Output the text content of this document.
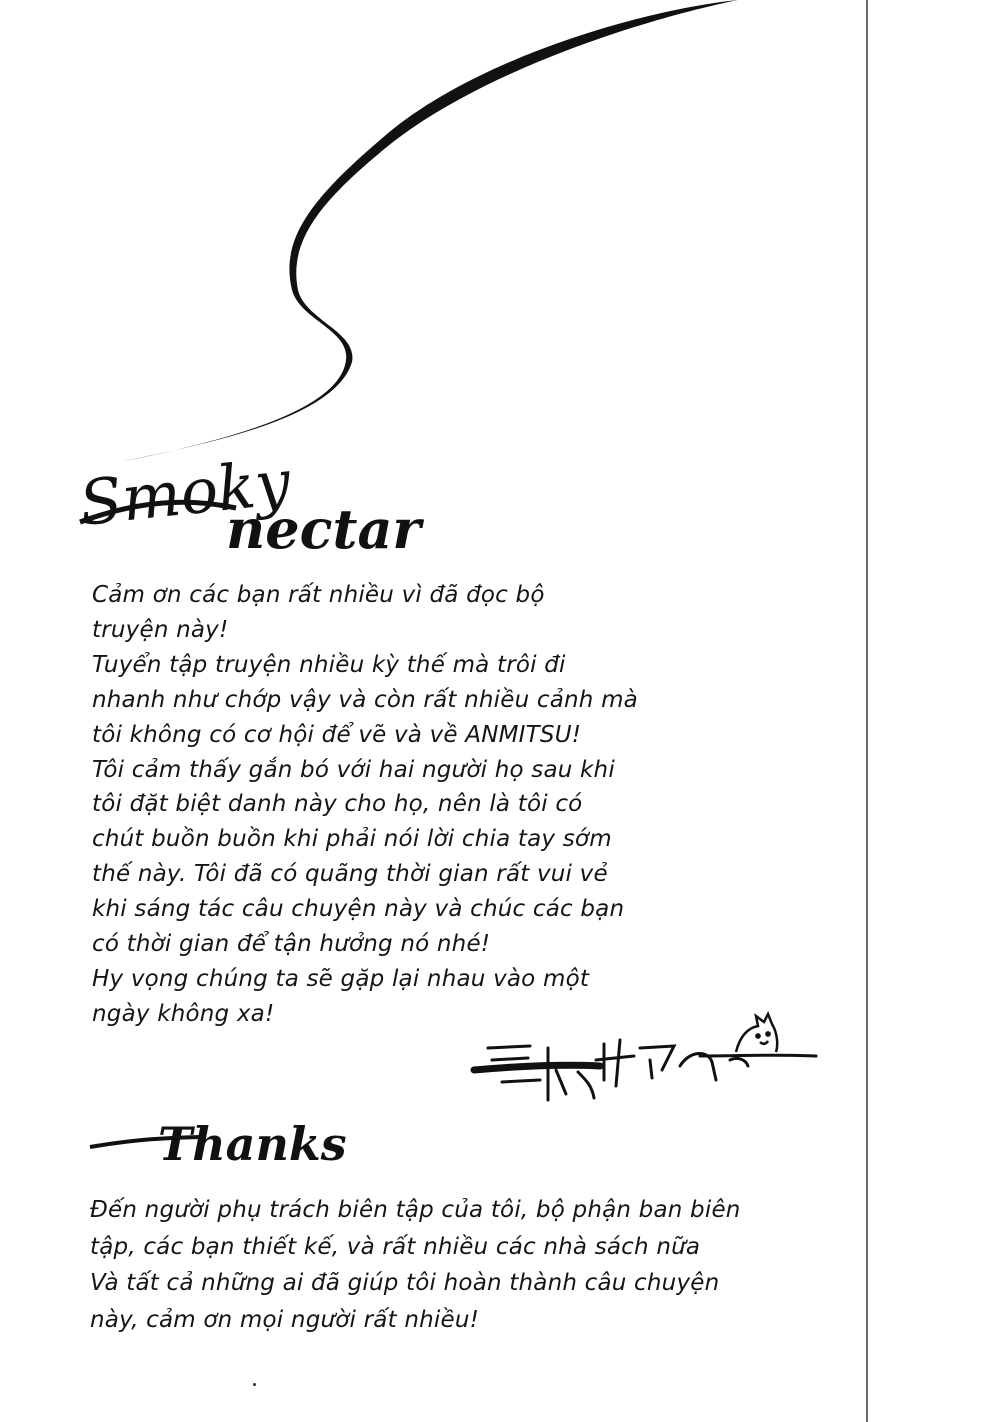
Smoky
nectar
Thanks
Cảm ơn các bạn rất nhiều vì đã đọc bộ
truyện này!
Tuyển tập truyện nhiều kỳ thế mà trôi đi
nhanh như chớp vậy và còn rất nhiều cảnh mà
tôi không có cơ hội để vẽ và về ANMITSU!
Tôi cảm thấy gắn bó với hai người họ sau khi
tôi đặt biệt danh này cho họ, nên là tôi có
chút buồn buồn khi phải nói lời chia tay sớm
thế này. Tôi đã có quãng thời gian rất vui vẻ
khi sáng tác câu chuyện này và chúc các bạn
có thời gian để tận hưởng nó nhé!
Hy vọng chúng ta sẽ gặp lại nhau vào một
ngày không xa!
Đến người phụ trách biên tập của tôi, bộ phận ban biên
tập, các bạn thiết kế, và rất nhiều các nhà sách nữa
Và tất cả những ai đã giúp tôi hoàn thành câu chuyện
này, cảm ơn mọi người rất nhiều!
